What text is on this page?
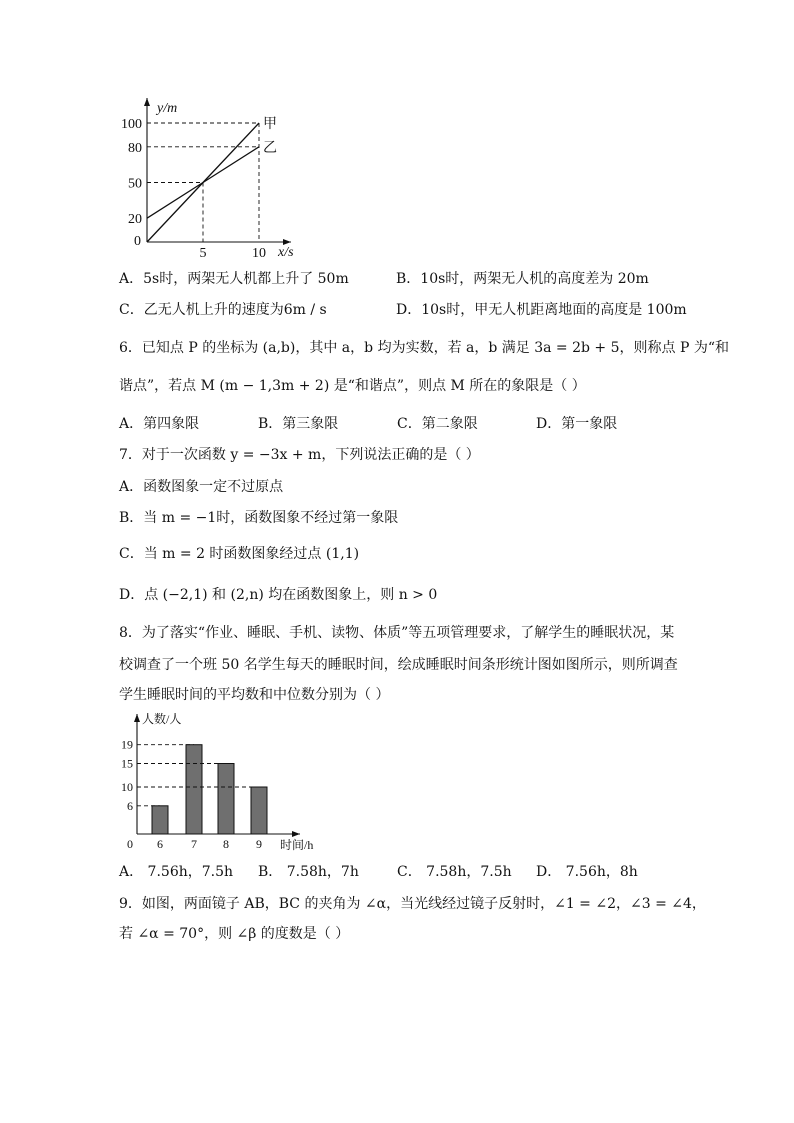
甲
乙
20
50
80
100
5	10
0
y/m
x/s
6 7 8 9
6
10
15
19
0
人数/人
时间/h
A．5s时，两架无人机都上升了 50m	B．10s时，两架无人机的高度差为 20m
C．乙无人机上升的速度为6m / s	D．10s时，甲无人机距离地面的高度是 100m
6．已知点 P 的坐标为 (a,b)，其中 a，b 均为实数，若 a，b 满足 3a = 2b + 5，则称点 P 为“和
谐点”，若点 M (m − 1,3m + 2) 是“和谐点”，则点 M 所在的象限是（ ）
A．第四象限	B．第三象限	C．第二象限	D．第一象限
7．对于一次函数 y = −3x + m，下列说法正确的是（ ）
A．函数图象一定不过原点
B．当 m = −1时，函数图象不经过第一象限
C．当 m = 2 时函数图象经过点 (1,1)
D．点 (−2,1) 和 (2,n) 均在函数图象上，则 n > 0
8．为了落实“作业、睡眠、手机、读物、体质”等五项管理要求，了解学生的睡眠状况，某
校调查了一个班 50 名学生每天的睡眠时间，绘成睡眠时间条形统计图如图所示，则所调查
学生睡眠时间的平均数和中位数分别为（ ）
A． 7.56h，7.5h B． 7.58h，7h	C． 7.58h，7.5h D． 7.56h，8h
9．如图，两面镜子 AB，BC 的夹角为 ∠α，当光线经过镜子反射时，∠1 = ∠2，∠3 = ∠4，
若 ∠α = 70°，则 ∠β 的度数是（ ）
